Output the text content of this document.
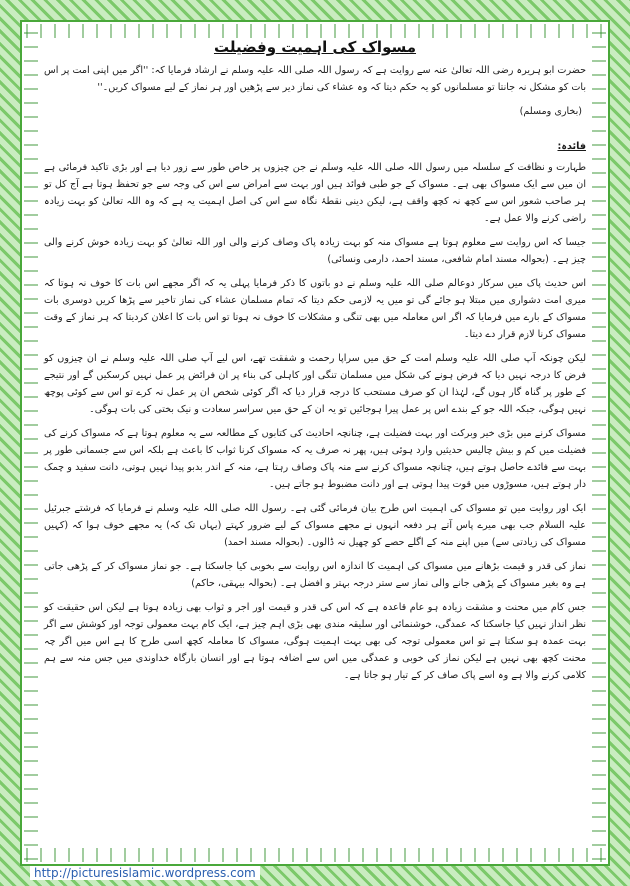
مسواک کی اہمیت وفضیلت

حضرت ابو ہریرہ رضی اللہ تعالیٰ عنہ سے روایت ہے کہ رسول اللہ صلی اللہ علیہ وسلم نے ارشاد فرمایا کہ: ''اگر میں اپنی امت پر اس بات کو مشکل نہ جانتا تو مسلمانوں کو یہ حکم دیتا کہ وہ عشاء کی نماز دیر سے پڑھیں اور ہر نماز کے لیے مسواک کریں۔''

(بخاری ومسلم)
فائدہ:

طہارت و نظافت کے سلسلہ میں رسول اللہ صلی اللہ علیہ وسلم نے جن چیزوں پر خاص طور سے زور دیا ہے اور بڑی تاکید فرمائی ہے ان میں سے ایک مسواک بھی ہے۔ مسواک کے جو طبی فوائد ہیں اور بہت سے امراض سے اس کی وجہ سے جو تحفظ ہوتا ہے آج کل تو ہر صاحب شعور اس سے کچھ نہ کچھ واقف ہے، لیکن دینی نقطۂ نگاہ سے اس کی اصل اہمیت یہ ہے کہ وہ اللہ تعالیٰ کو بہت زیادہ راضی کرنے والا عمل ہے۔

جیسا کہ اس روایت سے معلوم ہوتا ہے مسواک منہ کو بہت زیادہ پاک وصاف کرنے والی اور اللہ تعالیٰ کو بہت زیادہ خوش کرنے والی چیز ہے۔ (بحوالہ مسند امام شافعی، مسند احمد، دارمی ونسائی)

اس حدیث پاک میں سرکار دوعالم صلی اللہ علیہ وسلم نے دو باتوں کا ذکر فرمایا پہلی یہ کہ اگر مجھے اس بات کا خوف نہ ہوتا کہ میری امت دشواری میں مبتلا ہو جائے گی تو میں یہ لازمی حکم دیتا کہ تمام مسلمان عشاء کی نماز تاخیر سے پڑھا کریں دوسری بات مسواک کے بارے میں فرمایا کہ اگر اس معاملہ میں بھی تنگی و مشکلات کا خوف نہ ہوتا تو اس بات کا اعلان کردیتا کہ ہر نماز کے وقت مسواک کرنا لازم قرار دے دیتا۔

لیکن چونکہ آپ صلی اللہ علیہ وسلم امت کے حق میں سراپا رحمت و شفقت تھے، اس لیے آپ صلی اللہ علیہ وسلم نے ان چیزوں کو فرض کا درجہ نہیں دیا کہ فرض ہونے کی شکل میں مسلمان تنگی اور کاہلی کی بناء پر ان فرائض پر عمل نہیں کرسکیں گے اور نتیجے کے طور پر گناہ گار ہوں گے، لہٰذا ان کو صرف مستحب کا درجہ قرار دیا کہ اگر کوئی شخص ان پر عمل نہ کرے تو اس سے کوئی پوچھ نہیں ہوگی، جبکہ اللہ جو کے بندے اس پر عمل پیرا ہوجائیں تو یہ ان کے حق میں سراسر سعادت و نیک بختی کی بات ہوگی۔

مسواک کرنے میں بڑی خیر وبرکت اور بہت فضیلت ہے، چنانچہ احادیث کی کتابوں کے مطالعہ سے یہ معلوم ہوتا ہے کہ مسواک کرنے کی فضیلت میں کم و بیش چالیس حدیثیں وارد ہوئی ہیں، پھر نہ صرف یہ کہ مسواک کرنا ثواب کا باعث ہے بلکہ اس سے جسمانی طور پر بہت سے فائدے حاصل ہوتے ہیں، چنانچہ مسواک کرنے سے منہ پاک وصاف رہتا ہے، منہ کے اندر بدبو پیدا نہیں ہوتی، دانت سفید و چمک دار ہوتے ہیں، مسوڑوں میں قوت پیدا ہوتی ہے اور دانت مضبوط ہو جاتے ہیں۔

ایک اور روایت میں تو مسواک کی اہمیت اس طرح بیان فرمائی گئی ہے۔ رسول اللہ صلی اللہ علیہ وسلم نے فرمایا کہ فرشتے جبرئیل علیہ السلام جب بھی میرے پاس آتے ہر دفعہ انہوں نے مجھے مسواک کے لیے ضرور کہتے (یہاں تک کہ) یہ مجھے خوف ہوا کہ (کہیں مسواک کی زیادتی سے) میں اپنے منہ کے اگلے حصے کو چھیل نہ ڈالوں۔ (بحوالہ مسند احمد)

نماز کی قدر و قیمت بڑھانے میں مسواک کی اہمیت کا اندازہ اس روایت سے بخوبی کیا جاسکتا ہے۔ جو نماز مسواک کر کے پڑھی جاتی ہے وہ بغیر مسواک کے پڑھی جانے والی نماز سے ستر درجہ بہتر و افضل ہے۔ (بحوالہ بیہقی، حاکم)

جس کام میں محنت و مشقت زیادہ ہو عام قاعدہ ہے کہ اس کی قدر و قیمت اور اجر و ثواب بھی زیادہ ہوتا ہے لیکن اس حقیقت کو نظر انداز نہیں کیا جاسکتا کہ عمدگی، خوشنمائی اور سلیقہ مندی بھی بڑی اہم چیز ہے، ایک کام بہت معمولی توجہ اور کوشش سے اگر بہت عمدہ ہو سکتا ہے تو اس معمولی توجہ کی بھی بہت اہمیت ہوگی، مسواک کا معاملہ کچھ اسی طرح کا ہے اس میں اگر چہ محنت کچھ بھی نہیں ہے لیکن نماز کی خوبی و عمدگی میں اس سے اضافہ ہوتا ہے اور انسان بارگاہ خداوندی میں جس منہ سے ہم کلامی کرنے والا ہے وہ اسے پاک صاف کر کے تیار ہو جاتا ہے۔

http://picturesislamic.wordpress.com
